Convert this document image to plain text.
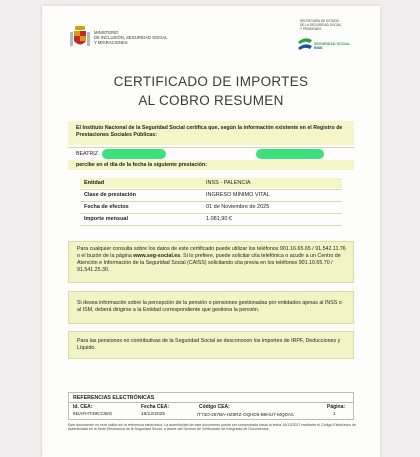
MINISTERIO
DE INCLUSIÓN, SEGURIDAD SOCIAL
Y MIGRACIONES
SECRETARÍA DE ESTADO
DE LA SEGURIDAD SOCIAL
Y PENSIONES
SEGURIDAD SOCIAL
INSS
CERTIFICADO DE IMPORTES
AL COBRO RESUMEN
El Instituto Nacional de la Seguridad Social certifica que, según la información existente en el Registro de Prestaciones Sociales Públicas:
BEATRIZ
percibe en el día de la fecha la siguiente prestación:
Entidad	INSS - PALENCIA
Clase de prestación	INGRESO MÍNIMO VITAL
Fecha de efectos	01 de Noviembre de 2025
Importe mensual	1.081,90 €
Para cualquier consulta sobre los datos de este certificado puede utilizar los teléfonos 901.16.65.65 / 91.542.11.76 o el buzón de la página www.seg-social.es. Si lo prefiere, puede solicitar cita telefónica o acudir a un Centro de Atención e Información de la Seguridad Social (CAISS) solicitando cita previa en los teléfonos 901.10.65.70 / 91.541.25.30.
Si desea información sobre la percepción de la pensión o pensiones gestionadas por entidades ajenas al INSS o al ISM, deberá dirigirse a la Entidad correspondiente que gestiona la pensión.
Para las pensiones no contributivas de la Seguridad Social se desconocen los importes de IRPF, Deducciones y Líquido.
REFERENCIAS ELECTRÓNICAS
Id. CEA:	Fecha CEA:	Código CEA:	Página:
6DAFHT49CCWG	16/12/2025	IT73O-267BA-HZ5RZ-OQHD5-B8HU7-MQDAC	1
Este documento no será válido sin la referencia electrónica. La autenticidad de este documento puede ser comprobada hasta la fecha 16/12/2027 mediante el Código Electrónico de Autenticidad en la Sede Electrónica de la Seguridad Social, a través del Servicio de Verificación de Integridad de Documentos.
